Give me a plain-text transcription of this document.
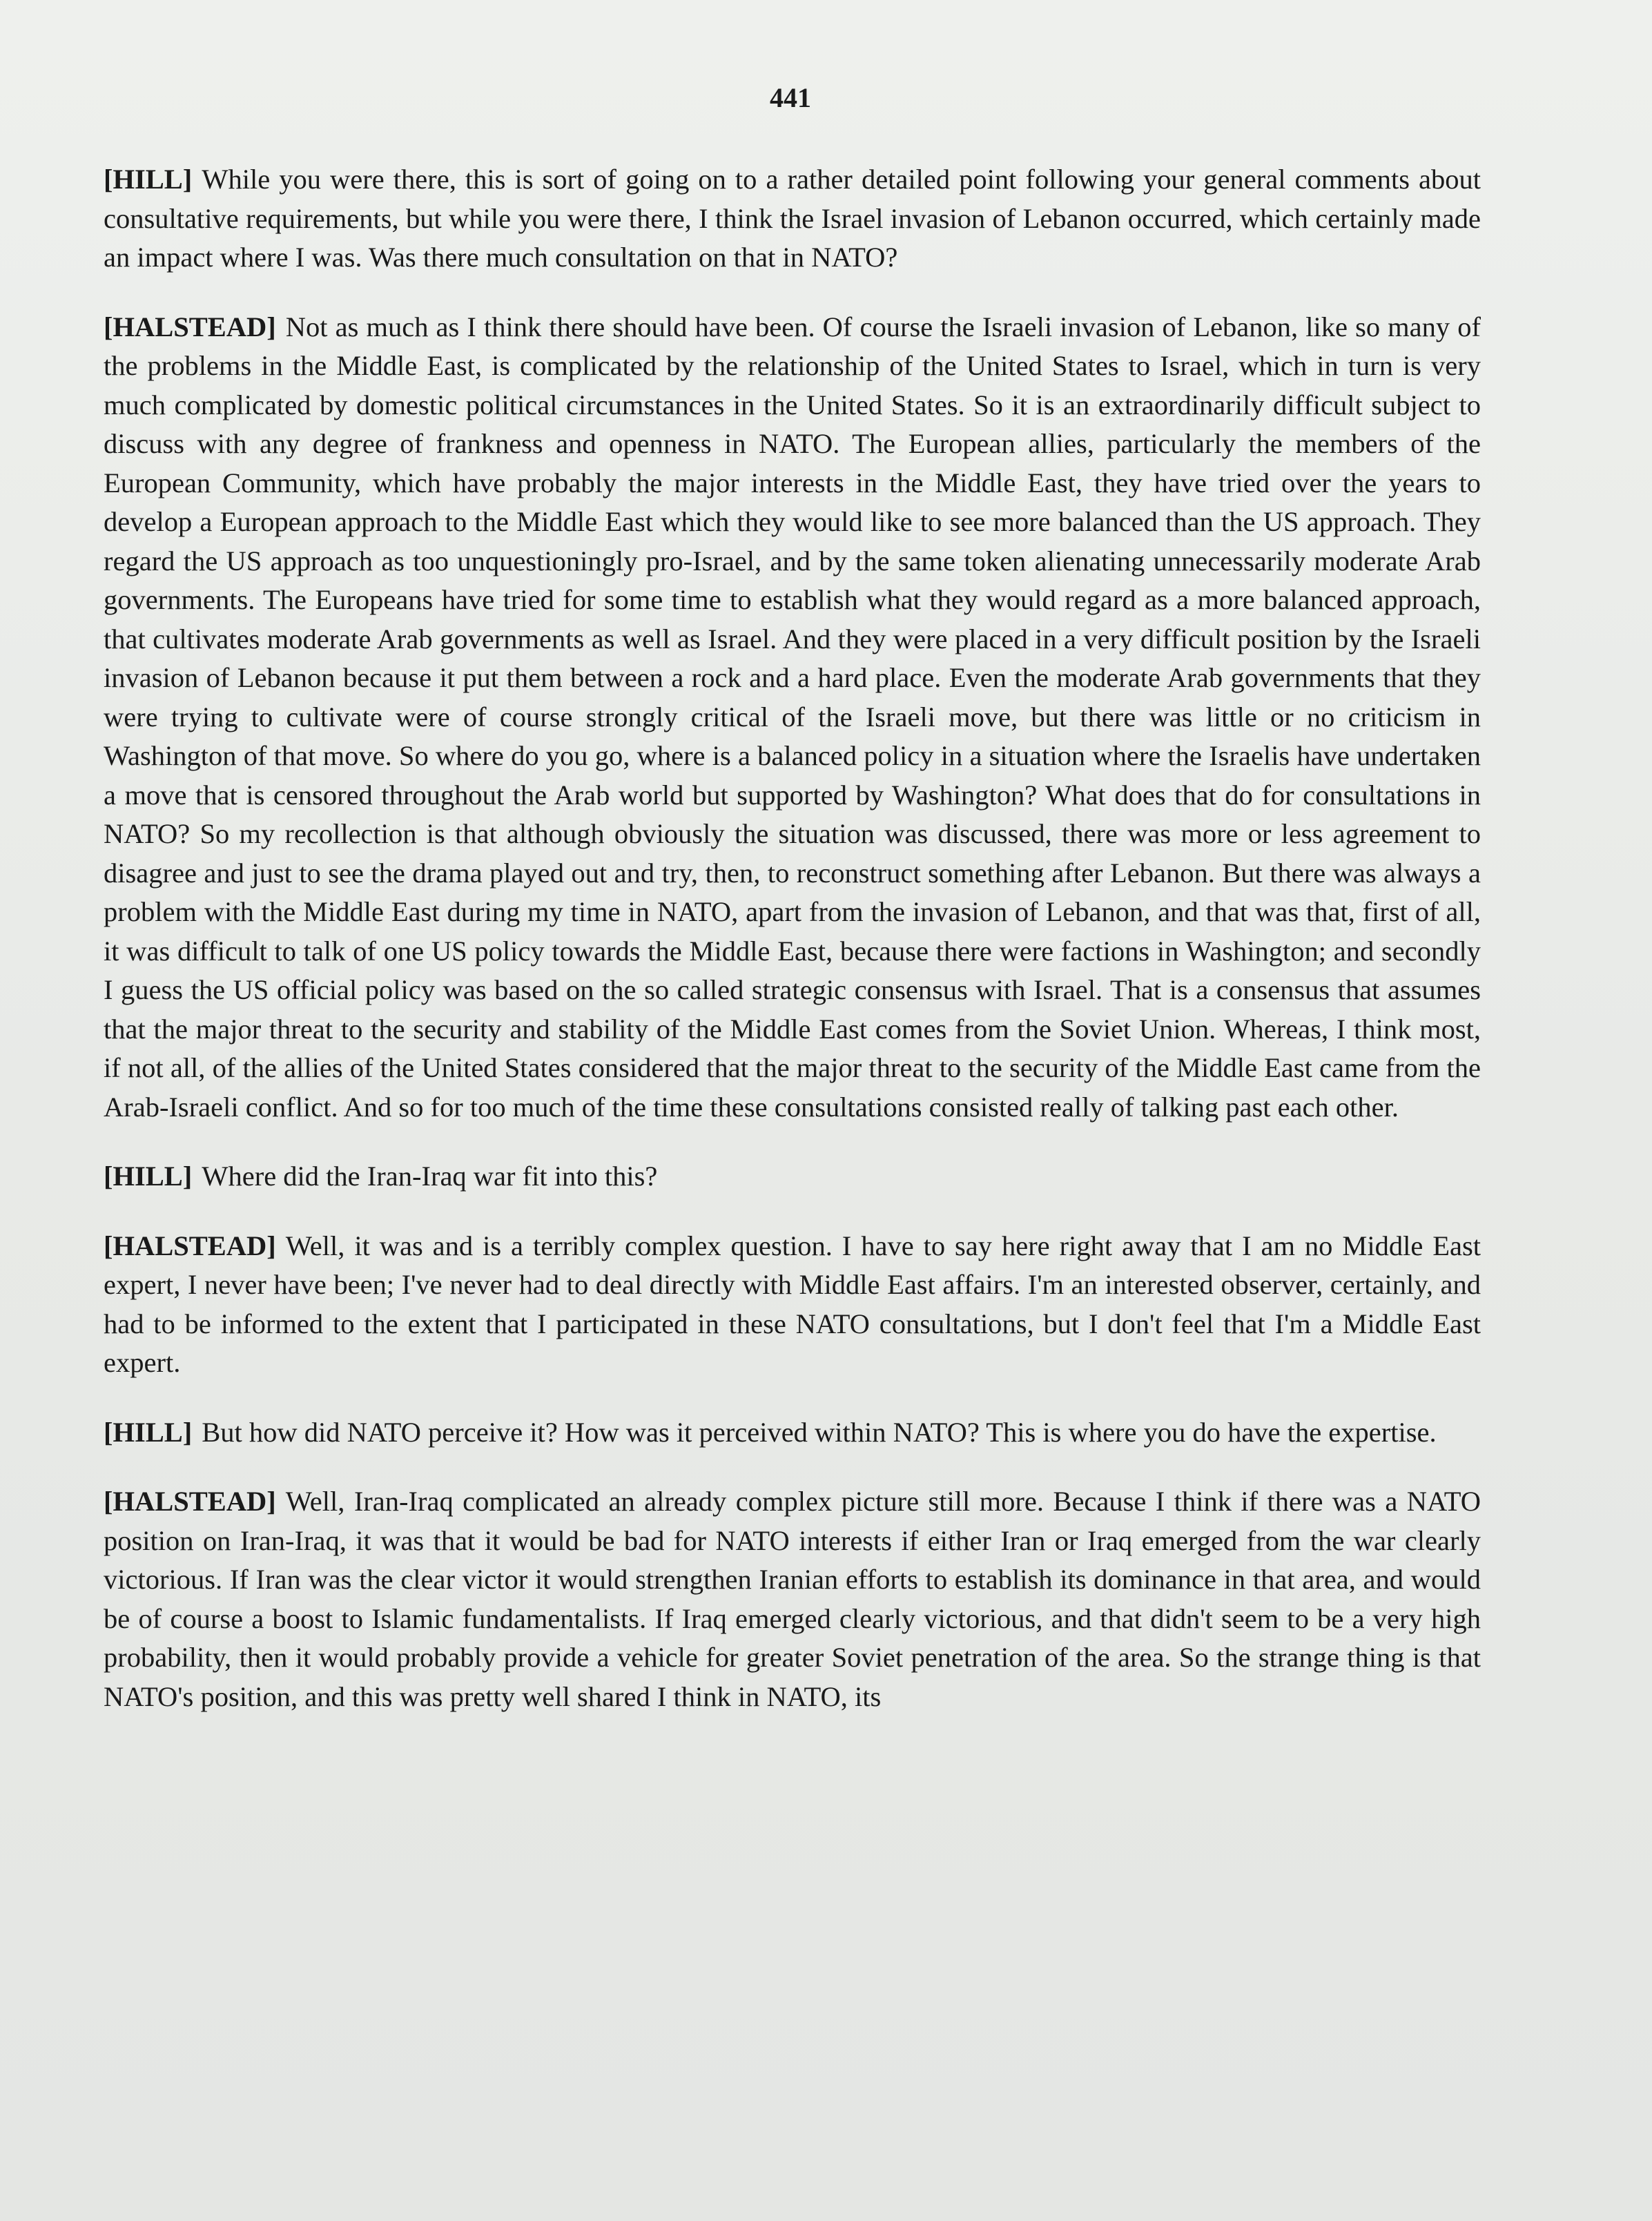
441

[HILL] While you were there, this is sort of going on to a rather detailed point following your general comments about consultative requirements, but while you were there, I think the Israel invasion of Lebanon occurred, which certainly made an impact where I was. Was there much consultation on that in NATO?

[HALSTEAD] Not as much as I think there should have been. Of course the Israeli invasion of Lebanon, like so many of the problems in the Middle East, is complicated by the relationship of the United States to Israel, which in turn is very much complicated by domestic political circumstances in the United States. So it is an extraordinarily difficult subject to discuss with any degree of frankness and openness in NATO. The European allies, particularly the members of the European Community, which have probably the major interests in the Middle East, they have tried over the years to develop a European approach to the Middle East which they would like to see more balanced than the US approach. They regard the US approach as too unquestioningly pro-Israel, and by the same token alienating unnecessarily moderate Arab governments. The Europeans have tried for some time to establish what they would regard as a more balanced approach, that cultivates moderate Arab governments as well as Israel. And they were placed in a very difficult position by the Israeli invasion of Lebanon because it put them between a rock and a hard place. Even the moderate Arab governments that they were trying to cultivate were of course strongly critical of the Israeli move, but there was little or no criticism in Washington of that move. So where do you go, where is a balanced policy in a situation where the Israelis have undertaken a move that is censored throughout the Arab world but supported by Washington? What does that do for consultations in NATO? So my recollection is that although obviously the situation was discussed, there was more or less agreement to disagree and just to see the drama played out and try, then, to reconstruct something after Lebanon. But there was always a problem with the Middle East during my time in NATO, apart from the invasion of Lebanon, and that was that, first of all, it was difficult to talk of one US policy towards the Middle East, because there were factions in Washington; and secondly I guess the US official policy was based on the so called strategic consensus with Israel. That is a consensus that assumes that the major threat to the security and stability of the Middle East comes from the Soviet Union. Whereas, I think most, if not all, of the allies of the United States considered that the major threat to the security of the Middle East came from the Arab-Israeli conflict. And so for too much of the time these consultations consisted really of talking past each other.

[HILL] Where did the Iran-Iraq war fit into this?

[HALSTEAD] Well, it was and is a terribly complex question. I have to say here right away that I am no Middle East expert, I never have been; I've never had to deal directly with Middle East affairs. I'm an interested observer, certainly, and had to be informed to the extent that I participated in these NATO consultations, but I don't feel that I'm a Middle East expert.

[HILL] But how did NATO perceive it? How was it perceived within NATO? This is where you do have the expertise.

[HALSTEAD] Well, Iran-Iraq complicated an already complex picture still more. Because I think if there was a NATO position on Iran-Iraq, it was that it would be bad for NATO interests if either Iran or Iraq emerged from the war clearly victorious. If Iran was the clear victor it would strengthen Iranian efforts to establish its dominance in that area, and would be of course a boost to Islamic fundamentalists. If Iraq emerged clearly victorious, and that didn't seem to be a very high probability, then it would probably provide a vehicle for greater Soviet penetration of the area. So the strange thing is that NATO's position, and this was pretty well shared I think in NATO, its
